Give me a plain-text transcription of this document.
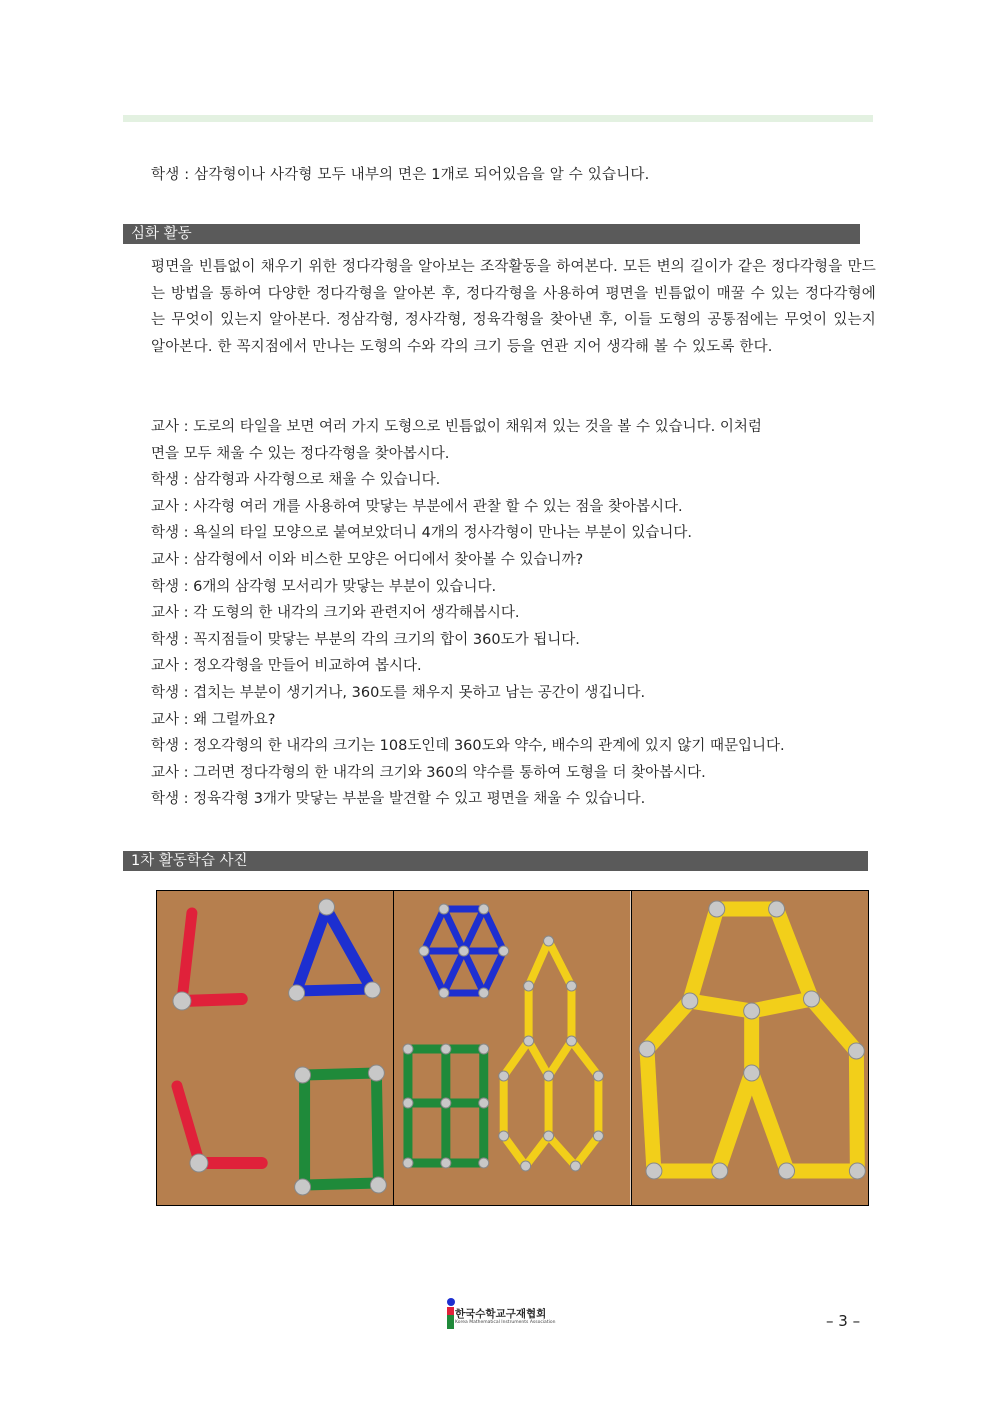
학생 : 삼각형이나 사각형 모두 내부의 면은 1개로 되어있음을 알 수 있습니다.
심화 활동
평면을 빈틈없이 채우기 위한 정다각형을 알아보는 조작활동을 하여본다. 모든 변의 길이가 같은 정다각형을 만드는 방법을 통하여 다양한 정다각형을 알아본 후, 정다각형을 사용하여 평면을 빈틈없이 매꿀 수 있는 정다각형에는 무엇이 있는지 알아본다. 정삼각형, 정사각형, 정육각형을 찾아낸 후, 이들 도형의 공통점에는 무엇이 있는지 알아본다. 한 꼭지점에서 만나는 도형의 수와 각의 크기 등을 연관 지어 생각해 볼 수 있도록 한다.
교사 : 도로의 타일을 보면 여러 가지 도형으로 빈틈없이 채워져 있는 것을 볼 수 있습니다. 이처럼
면을 모두 채울 수 있는 정다각형을 찾아봅시다.
학생 : 삼각형과 사각형으로 채울 수 있습니다.
교사 : 사각형 여러 개를 사용하여 맞닿는 부분에서 관찰 할 수 있는 점을 찾아봅시다.
학생 : 욕실의 타일 모양으로 붙여보았더니 4개의 정사각형이 만나는 부분이 있습니다.
교사 : 삼각형에서 이와 비스한 모양은 어디에서 찾아볼 수 있습니까?
학생 : 6개의 삼각형 모서리가 맞닿는 부분이 있습니다.
교사 : 각 도형의 한 내각의 크기와 관련지어 생각해봅시다.
학생 : 꼭지점들이 맞닿는 부분의 각의 크기의 합이 360도가 됩니다.
교사 : 정오각형을 만들어 비교하여 봅시다.
학생 : 겹치는 부분이 생기거나, 360도를 채우지 못하고 남는 공간이 생깁니다.
교사 : 왜 그럴까요?
학생 : 정오각형의 한 내각의 크기는 108도인데 360도와 약수, 배수의 관계에 있지 않기 때문입니다.
교사 : 그러면 정다각형의 한 내각의 크기와 360의 약수를 통하여 도형을 더 찾아봅시다.
학생 : 정육각형 3개가 맞닿는 부분을 발견할 수 있고 평면을 채울 수 있습니다.
1차 활동학습 사진
한국수학교구재협회
Korea Mathematical Instruments Association	– 3 –
